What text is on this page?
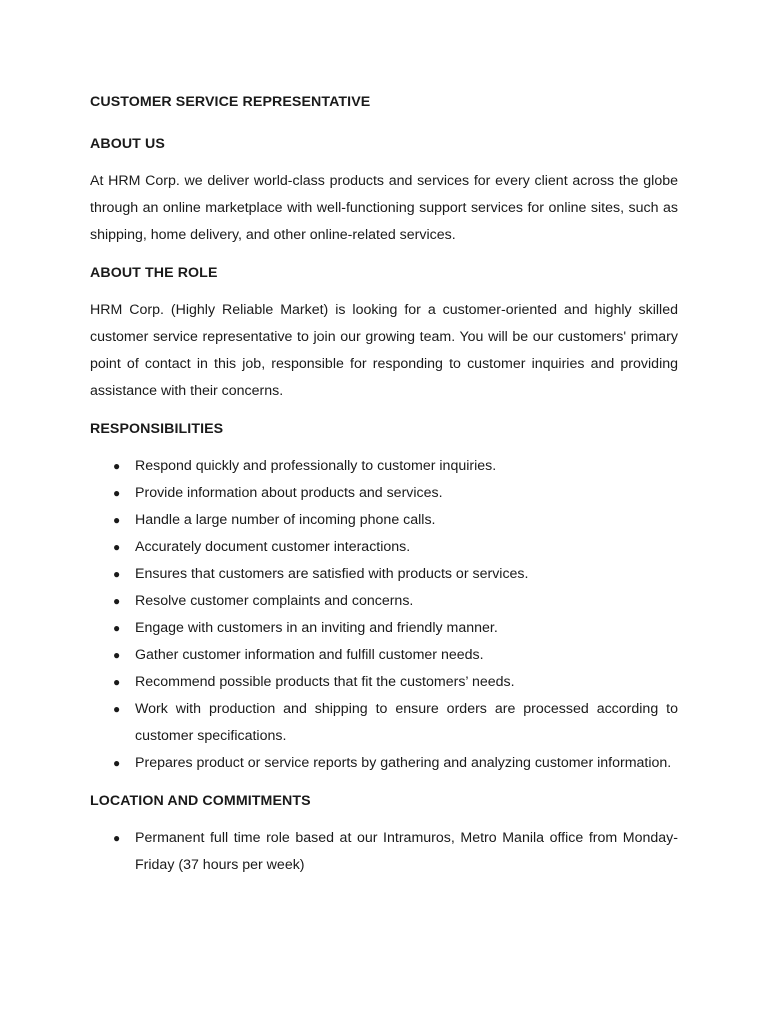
CUSTOMER SERVICE REPRESENTATIVE
ABOUT US

At HRM Corp. we deliver world-class products and services for every client across the globe through an online marketplace with well-functioning support services for online sites, such as shipping, home delivery, and other online-related services.

ABOUT THE ROLE

HRM Corp. (Highly Reliable Market) is looking for a customer-oriented and highly skilled customer service representative to join our growing team. You will be our customers' primary point of contact in this job, responsible for responding to customer inquiries and providing assistance with their concerns.

RESPONSIBILITIES
● Respond quickly and professionally to customer inquiries.
● Provide information about products and services.
● Handle a large number of incoming phone calls.
● Accurately document customer interactions.
● Ensures that customers are satisfied with products or services.
● Resolve customer complaints and concerns.
● Engage with customers in an inviting and friendly manner.
● Gather customer information and fulfill customer needs.
● Recommend possible products that fit the customers’ needs.
● Work with production and shipping to ensure orders are processed according to customer specifications.
● Prepares product or service reports by gathering and analyzing customer information.
LOCATION AND COMMITMENTS
● Permanent full time role based at our Intramuros, Metro Manila office from Monday-Friday (37 hours per week)
